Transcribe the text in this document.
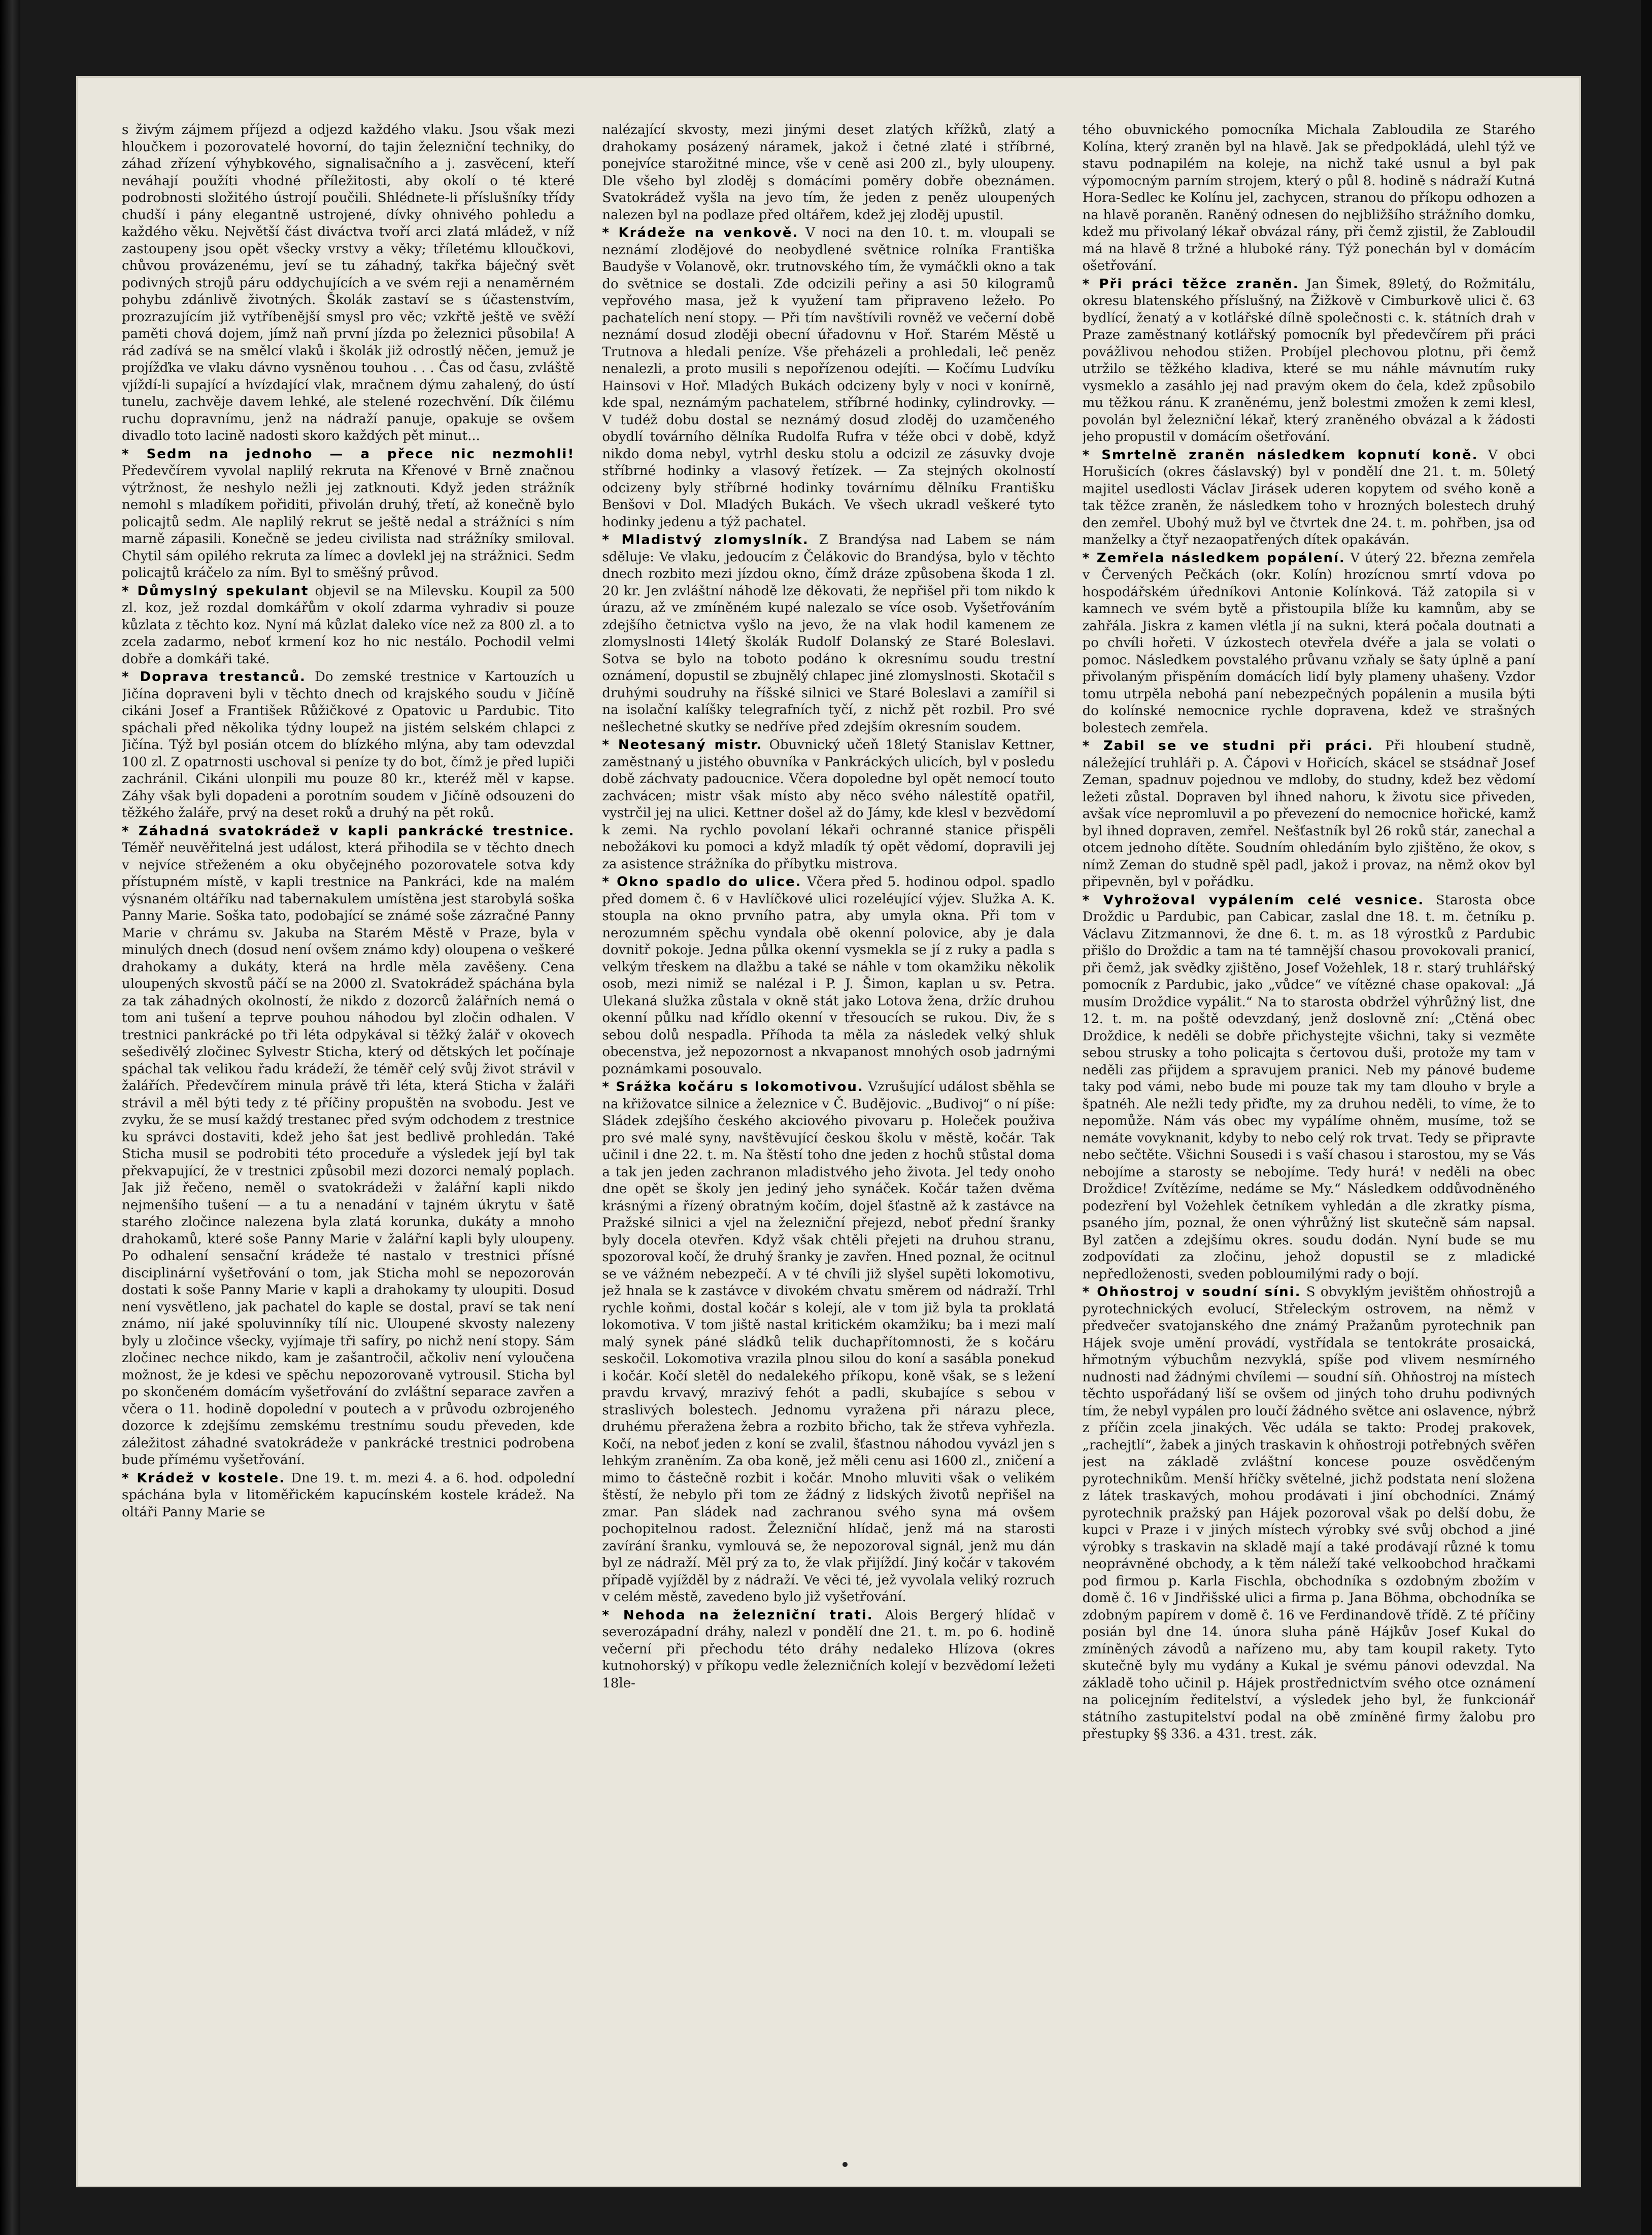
s živým zájmem příjezd a odjezd každého vlaku. Jsou však mezi hloučkem i pozorovatelé hovorní, do tajin železniční techniky, do záhad zřízení výhybkového, signalisačního a j. zasvěcení, kteří neváhají použíti vhodné příležitosti, aby okolí o té které podrobnosti složitého ústrojí poučili. Shlédnete-li příslušníky třídy chudší i pány elegantně ustrojené, dívky ohnivého pohledu a každého věku. Největší část diváctva tvoří arci zlatá mládež, v níž zastoupeny jsou opět všecky vrstvy a věky; tříletému klloučkovi, chůvou provázenému, jeví se tu záhadný, takřka báječný svět podivných strojů páru oddychujících a ve svém reji a nenaměrném pohybu zdánlivě životných. Školák zastaví se s účastenstvím, prozrazujícím již vytříbenější smysl pro věc; vzkřtě ještě ve svěží paměti chová dojem, jímž naň první jízda po železnici působila! A rád zadívá se na smělcí vlaků i školák již odrostlý něčen, jemuž je projížďka ve vlaku dávno vysněnou touhou . . . Čas od času, zvláště vjíždí-li supající a hvízdající vlak, mračnem dýmu zahalený, do ústí tunelu, zachvěje davem lehké, ale stelené rozechvění. Dík čilému ruchu dopravnímu, jenž na nádraží panuje, opakuje se ovšem divadlo toto lacině nadosti skoro každých pět minut...

* Sedm na jednoho — a přece nic nezmohli! Předevčírem vyvolal naplilý rekruta na Křenové v Brně značnou výtržnost, že neshylo nežli jej zatknouti. Když jeden strážník nemohl s mladíkem pořiditi, přivolán druhý, třetí, až konečně bylo policajtů sedm. Ale naplilý rekrut se ještě nedal a strážníci s ním marně zápasili. Konečně se jedeu civilista nad strážníky smiloval. Chytil sám opilého rekruta za límec a dovlekl jej na strážnici. Sedm policajtů kráčelo za ním. Byl to směšný průvod.

* Důmyslný spekulant objevil se na Milevsku. Koupil za 500 zl. koz, jež rozdal domkářům v okolí zdarma vyhradiv si pouze kůzlata z těchto koz. Nyní má kůzlat daleko více než za 800 zl. a to zcela zadarmo, neboť krmení koz ho nic nestálo. Pochodil velmi dobře a domkáři také.

* Doprava trestanců. Do zemské trestnice v Kartouzích u Jičína dopraveni byli v těchto dnech od krajského soudu v Jičíně cikáni Josef a František Růžičkové z Opatovic u Pardubic. Tito spáchali před několika týdny loupež na jistém selském chlapci z Jičína. Týž byl posián otcem do blízkého mlýna, aby tam odevzdal 100 zl. Z opatrnosti uschoval si peníze ty do bot, čímž je před lupiči zachránil. Cikáni ulonpili mu pouze 80 kr., kteréž měl v kapse. Záhy však byli dopadeni a porotním soudem v Jičíně odsouzeni do těžkého žaláře, prvý na deset roků a druhý na pět roků.

* Záhadná svatokrádež v kapli pankrácké trestnice. Téměř neuvěřitelná jest událost, která přihodila se v těchto dnech v nejvíce střeženém a oku obyčejného pozorovatele sotva kdy přístupném místě, v kapli trestnice na Pankráci, kde na malém výsnaném oltáříku nad tabernakulem umístěna jest starobylá soška Panny Marie. Soška tato, podobající se známé soše zázračné Panny Marie v chrámu sv. Jakuba na Starém Městě v Praze, byla v minulých dnech (dosud není ovšem známo kdy) oloupena o veškeré drahokamy a dukáty, která na hrdle měla zavěšeny. Cena uloupených skvostů páčí se na 2000 zl. Svatokrádež spáchána byla za tak záhadných okolností, že nikdo z dozorců žalářních nemá o tom ani tušení a teprve pouhou náhodou byl zločin odhalen. V trestnici pankrácké po tři léta odpykával si těžký žalář v okovech sešedivělý zločinec Sylvestr Sticha, který od dětských let počínaje spáchal tak velikou řadu krádeží, že téměř celý svůj život strávil v žalářích. Předevčírem minula právě tři léta, která Sticha v žaláři strávil a měl býti tedy z té příčiny propuštěn na svobodu. Jest ve zvyku, že se musí každý trestanec před svým odchodem z trestnice ku správci dostaviti, kdež jeho šat jest bedlivě prohledán. Také Sticha musil se podrobiti této proceduře a výsledek její byl tak překvapující, že v trestnici způsobil mezi dozorci nemalý poplach. Jak již řečeno, neměl o svatokrádeži v žalářní kapli nikdo nejmenšího tušení — a tu a nenadání v tajném úkrytu v šatě starého zločince nalezena byla zlatá korunka, dukáty a mnoho drahokamů, které soše Panny Marie v žalářní kapli byly uloupeny. Po odhalení sensační krádeže té nastalo v trestnici přísné disciplinární vyšetřování o tom, jak Sticha mohl se nepozorován dostati k soše Panny Marie v kapli a drahokamy ty uloupiti. Dosud není vysvětleno, jak pachatel do kaple se dostal, praví se tak není známo, nií jaké spoluvinníky tílí nic. Uloupené skvosty nalezeny byly u zločince všecky, vyjímaje tři safíry, po nichž není stopy. Sám zločinec nechce nikdo, kam je zašantročil, ačkoliv není vyloučena možnost, že je kdesi ve spěchu nepozorovaně vytrousil. Sticha byl po skončeném domácím vyšetřování do zvláštní separace zavřen a včera o 11. hodině dopolední v poutech a v průvodu ozbrojeného dozorce k zdejšímu zemskému trestnímu soudu převeden, kde záležitost záhadné svatokrádeže v pankrácké trestnici podrobena bude přímému vyšetřování.

* Krádež v kostele. Dne 19. t. m. mezi 4. a 6. hod. odpolední spáchána byla v litoměřickém kapucínském kostele krádež. Na oltáři Panny Marie se

nalézající skvosty, mezi jinými deset zlatých křížků, zlatý a drahokamy posázený náramek, jakož i četné zlaté i stříbrné, ponejvíce starožitné mince, vše v ceně asi 200 zl., byly uloupeny. Dle všeho byl zloděj s domácími poměry dobře obeznámen. Svatokrádež vyšla na jevo tím, že jeden z peněz uloupených nalezen byl na podlaze před oltářem, kdež jej zloděj upustil.

* Krádeže na venkově. V noci na den 10. t. m. vloupali se neznámí zlodějové do neobydlené světnice rolníka Františka Baudyše v Volanově, okr. trutnovského tím, že vymáčkli okno a tak do světnice se dostali. Zde odcizili peřiny a asi 50 kilogramů vepřového masa, jež k využení tam připraveno ležeło. Po pachatelích není stopy. — Při tím navštívili rovněž ve večerní době neznámí dosud zloději obecní úřadovnu v Hoř. Starém Městě u Trutnova a hledali peníze. Vše přeházeli a prohledali, leč peněz nenalezli, a proto musili s nepořízenou odejíti. — Kočímu Ludvíku Hainsovi v Hoř. Mladých Bukách odcizeny byly v noci v konírně, kde spal, neznámým pachatelem, stříbrné hodinky, cylindrovky. — V tudéž dobu dostal se neznámý dosud zloděj do uzamčeného obydlí továrního dělníka Rudolfa Rufra v téže obci v době, když nikdo doma nebyl, vytrhl desku stolu a odcizil ze zásuvky dvoje stříbrné hodinky a vlasový řetízek. — Za stejných okolností odcizeny byly stříbrné hodinky továrnímu dělníku Františku Benšovi v Dol. Mladých Bukách. Ve všech ukradl veškeré tyto hodinky jedenu a týž pachatel.

* Mladistvý zlomyslník. Z Brandýsa nad Labem se nám sděluje: Ve vlaku, jedoucím z Čelákovic do Brandýsa, bylo v těchto dnech rozbito mezi jízdou okno, čímž dráze způsobena škoda 1 zl. 20 kr. Jen zvláštní náhodě lze děkovati, že nepřišel při tom nikdo k úrazu, až ve zmíněném kupé nalezalo se více osob. Vyšetřováním zdejšího četnictva vyšlo na jevo, že na vlak hodil kamenem ze zlomyslnosti 14letý školák Rudolf Dolanský ze Staré Boleslavi. Sotva se bylo na toboto podáno k okresnímu soudu trestní oznámení, dopustil se zbujnělý chlapec jiné zlomyslnosti. Skotačil s druhými soudruhy na říšské silnici ve Staré Boleslavi a zamířil si na isolační kalíšky telegrafních tyčí, z nichž pět rozbil. Pro své nešlechetné skutky se nedříve před zdejším okresním soudem.

* Neotesaný mistr. Obuvnický učeň 18letý Stanislav Kettner, zaměstnaný u jistého obuvníka v Pankráckých ulicích, byl v posledu době záchvaty padoucnice. Včera dopoledne byl opět nemocí touto zachvácen; mistr však místo aby něco svého nálestítě opatřil, vystrčil jej na ulici. Kettner došel až do Jámy, kde klesl v bezvědomí k zemi. Na rychlo povolaní lékaři ochranné stanice přispěli nebožákovi ku pomoci a když mladík tý opět vědomí, dopravili jej za asistence strážníka do příbytku mistrova.

* Okno spadlo do ulice. Včera před 5. hodinou odpol. spadlo před domem č. 6 v Havlíčkové ulici rozeléující výjev. Služka A. K. stoupla na okno prvního patra, aby umyla okna. Při tom v nerozumném spěchu vyndala obě okenní polovice, aby je dala dovnitř pokoje. Jedna půlka okenní vysmekla se jí z ruky a padla s velkým třeskem na dlažbu a také se náhle v tom okamžiku několik osob, mezi nimiž se nalézal i P. J. Šimon, kaplan u sv. Petra. Ulekaná služka zůstala v okně stát jako Lotova žena, držíc druhou okenní půlku nad křídlo okenní v třesoucích se rukou. Div, že s sebou dolů nespadla. Příhoda ta měla za následek velký shluk obecenstva, jež nepozornost a nkvapanost mnohých osob jadrnými poznámkami posouvalo.

* Srážka kočáru s lokomotivou. Vzrušující událost sběhla se na křižovatce silnice a železnice v Č. Budějovic. „Budivoj“ o ní píše: Sládek zdejšího českého akciového pivovaru p. Holeček použiva pro své malé syny, navštěvující českou školu v městě, kočár. Tak učinil i dne 22. t. m. Na štěstí toho dne jeden z hochů stůstal doma a tak jen jeden zachranon mladistvého jeho života. Jel tedy onoho dne opět se školy jen jediný jeho synáček. Kočár tažen dvěma krásnými a řízený obratným kočím, dojel šťastně až k zastávce na Pražské silnici a vjel na železniční přejezd, neboť přední šranky byly docela otevřen. Když však chtěli přejeti na druhou stranu, spozoroval kočí, že druhý šranky je zavřen. Hned poznal, že ocitnul se ve vážném nebezpečí. A v té chvíli již slyšel supěti lokomotivu, jež hnala se k zastávce v divokém chvatu směrem od nádraží. Trhl rychle koňmi, dostal kočár s kolejí, ale v tom již byla ta proklatá lokomotiva. V tom jiště nastal kritickém okamžiku; ba i mezi malí malý synek páné sládků telik duchapřítomnosti, že s kočáru seskočil. Lokomotiva vrazila plnou silou do koní a sasábla ponekud i kočár. Kočí sletěl do nedalekého příkopu, koně však, se s ležení pravdu krvavý, mrazivý fehót a padli, skubajíce s sebou v straslivých bolestech. Jednomu vyražena při nárazu plece, druhému přeražena žebra a rozbito břicho, tak že střeva vyhřezla. Kočí, na neboť jeden z koní se zvalil, šťastnou náhodou vyvázl jen s lehkým zraněním. Za oba koně, jež měli cenu asi 1600 zl., zničení a mimo to částečně rozbit i kočár. Mnoho mluviti však o velikém štěstí, že nebylo při tom ze žádný z lidských životů nepřišel na zmar. Pan sládek nad zachranou svého syna má ovšem pochopitelnou radost. Železniční hlídač, jenž má na starosti zavírání šranku, vymlouvá se, že nepozoroval signál, jenž mu dán byl ze nádraží. Měl prý za to, že vlak přijíždí. Jiný kočár v takovém případě vyjížděl by z nádraží. Ve věci té, jež vyvolala veliký rozruch v celém městě, zavedeno bylo již vyšetřování.

* Nehoda na železniční trati. Alois Bergerý hlídač v severozápadní dráhy, nalezl v pondělí dne 21. t. m. po 6. hodině večerní při přechodu této dráhy nedaleko Hlízova (okres kutnohorský) v příkopu vedle železničních kolejí v bezvědomí ležeti 18le-

tého obuvnického pomocníka Michala Zabloudila ze Starého Kolína, který zraněn byl na hlavě. Jak se předpokládá, ulehl týž ve stavu podnapilém na koleje, na nichž také usnul a byl pak výpomocným parním strojem, který o půl 8. hodině s nádraží Kutná Hora-Sedlec ke Kolínu jel, zachycen, stranou do příkopu odhozen a na hlavě poraněn. Raněný odnesen do nejbližšího strážního domku, kdež mu přivolaný lékař obvázal rány, při čemž zjistil, že Zabloudil má na hlavě 8 tržné a hluboké rány. Týž ponechán byl v domácím ošetřování.

* Při práci těžce zraněn. Jan Šimek, 89letý, do Rožmitálu, okresu blatenského příslušný, na Žižkově v Cimburkově ulici č. 63 bydlící, ženatý a v kotlářské dílně společnosti c. k. státních drah v Praze zaměstnaný kotlářský pomocník byl předevčírem při práci povážlivou nehodou stižen. Probíjel plechovou plotnu, při čemž utržilo se těžkého kladiva, které se mu náhle mávnutím ruky vysmeklo a zasáhlo jej nad pravým okem do čela, kdež způsobilo mu těžkou ránu. K zraněnému, jenž bolestmi zmožen k zemi klesl, povolán byl železniční lékař, který zraněného obvázal a k žádosti jeho propustil v domácím ošetřování.

* Smrtelně zraněn následkem kopnutí koně. V obci Horušicích (okres čáslavský) byl v pondělí dne 21. t. m. 50letý majitel usedlosti Václav Jirásek uderen kopytem od svého koně a tak těžce zraněn, že následkem toho v hrozných bolestech druhý den zemřel. Ubohý muž byl ve čtvrtek dne 24. t. m. pohřben, jsa od manželky a čtyř nezaopatřených dítek opakáván.

* Zemřela následkem popálení. V úterý 22. března zemřela v Červených Pečkách (okr. Kolín) hrozícnou smrtí vdova po hospodářském úředníkovi Antonie Kolínková. Táž zatopila si v kamnech ve svém bytě a přistoupila blíže ku kamnům, aby se zahřála. Jiskra z kamen vlétla jí na sukni, která počala doutnati a po chvíli hořeti. V úzkostech otevřela dvéře a jala se volati o pomoc. Následkem povstalého průvanu vzňaly se šaty úplně a paní přivolaným přispěním domácích lidí byly plameny uhašeny. Vzdor tomu utrpěla nebohá paní nebezpečných popálenin a musila býti do kolínské nemocnice rychle dopravena, kdež ve strašných bolestech zemřela.

* Zabil se ve studni při práci. Při hloubení studně, náležející truhláři p. A. Čápovi v Hořicích, skácel se stsádnař Josef Zeman, spadnuv pojednou ve mdloby, do studny, kdež bez vědomí ležeti zůstal. Dopraven byl ihned nahoru, k životu sice přiveden, avšak více nepromluvil a po převezení do nemocnice hořické, kamž byl ihned dopraven, zemřel. Nešťastník byl 26 roků stár, zanechal a otcem jednoho dítěte. Soudním ohledáním bylo zjištěno, že okov, s nímž Zeman do studně spěl padl, jakož i provaz, na němž okov byl připevněn, byl v pořádku.

* Vyhrožoval vypálením celé vesnice. Starosta obce Droždic u Pardubic, pan Cabicar, zaslal dne 18. t. m. četníku p. Václavu Zitzmannovi, že dne 6. t. m. as 18 výrostků z Pardubic přišlo do Droždic a tam na té tamnější chasou provokovali pranicí, při čemž, jak svědky zjištěno, Josef Vožehlek, 18 r. starý truhlářský pomocník z Pardubic, jako „vůdce“ ve vítězné chase opakoval: „Já musím Droždice vypálit.“ Na to starosta obdržel výhrůžný list, dne 12. t. m. na poště odevzdaný, jenž doslovně zní: „Ctěná obec Droždice, k neděli se dobře přichystejte všichni, taky si vezměte sebou strusky a toho policajta s čertovou duši, protože my tam v neděli zas přijdem a spravujem pranici. Neb my pánové budeme taky pod vámi, nebo bude mi pouze tak my tam dlouho v bryle a špatnéh. Ale nežli tedy přiďte, my za druhou neděli, to víme, že to nepomůže. Nám vás obec my vypálíme ohněm, musíme, tož se nemáte vovyknanit, kdyby to nebo celý rok trvat. Tedy se připravte nebo sečtěte. Všichni Sousedi i s vaší chasou i starostou, my se Vás nebojíme a starosty se nebojíme. Tedy hurá! v neděli na obec Droždice! Zvítězíme, nedáme se My.“ Následkem oddůvodněného podezření byl Vožehlek četníkem vyhledán a dle zkratky písma, psaného jím, poznal, že onen výhrůžný list skutečně sám napsal. Byl zatčen a zdejšímu okres. soudu dodán. Nyní bude se mu zodpovídati za zločinu, jehož dopustil se z mladické nepředloženosti, sveden pobloumilými rady o bojí.

* Ohňostroj v soudní síni. S obvyklým jevištěm ohňostrojů a pyrotechnických evolucí, Střeleckým ostrovem, na němž v předvečer svatojanského dne známý Pražanům pyrotechnik pan Hájek svoje umění provádí, vystřídala se tentokráte prosaická, hřmotným výbuchům nezvyklá, spíše pod vlivem nesmírného nudnosti nad žádnými chvílemi — soudní síň. Ohňostroj na místech těchto uspořádaný liší se ovšem od jiných toho druhu podivných tím, že nebyl vypálen pro loučí žádného světce ani oslavence, nýbrž z příčin zcela jinakých. Věc udála se takto: Prodej prakovek, „rachejtlí“, žabek a jiných traskavin k ohňostroji potřebných svěřen jest na základě zvláštní koncese pouze osvědčeným pyrotechnikům. Menší hříčky světelné, jichž podstata není složena z látek traskavých, mohou prodávati i jiní obchodníci. Známý pyrotechnik pražský pan Hájek pozoroval však po delší dobu, že kupci v Praze i v jiných místech výrobky své svůj obchod a jiné výrobky s traskavin na skladě mají a také prodávají různé k tomu neoprávněné obchody, a k těm náleží také velkoobchod hračkami pod firmou p. Karla Fischla, obchodníka s ozdobným zbožím v domě č. 16 v Jindřišské ulici a firma p. Jana Böhma, obchodníka se zdobným papírem v domě č. 16 ve Ferdinandově třídě. Z té příčiny posián byl dne 14. února sluha páně Hájkův Josef Kukal do zmíněných závodů a nařízeno mu, aby tam koupil rakety. Tyto skutečně byly mu vydány a Kukal je svému pánovi odevzdal. Na základě toho učinil p. Hájek prostřednictvím svého otce oznámení na policejním ředitelství, a výsledek jeho byl, že funkcionář státního zastupitelství podal na obě zmíněné firmy žalobu pro přestupky §§ 336. a 431. trest. zák.
